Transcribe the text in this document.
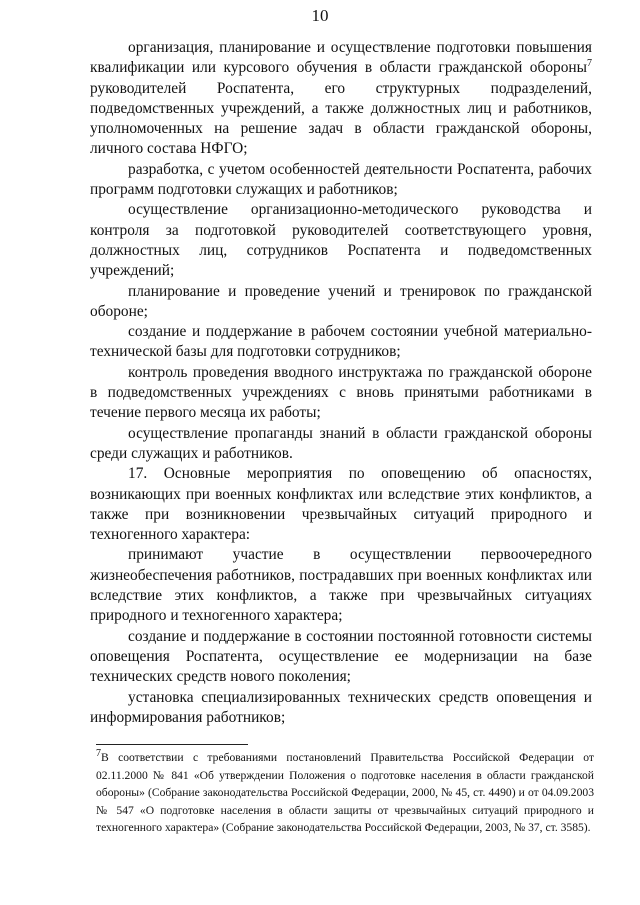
10

организация, планирование и осуществление подготовки повышения квалификации или курсового обучения в области гражданской обороны$^7$ руководителей Роспатента, его структурных подразделений, подведомственных учреждений, а также должностных лиц и работников, уполномоченных на решение задач в области гражданской обороны, личного состава НФГО;

разработка, с учетом особенностей деятельности Роспатента, рабочих программ подготовки служащих и работников;

осуществление организационно-методического руководства и контроля за подготовкой руководителей соответствующего уровня, должностных лиц, сотрудников Роспатента и подведомственных учреждений;

планирование и проведение учений и тренировок по гражданской обороне;

создание и поддержание в рабочем состоянии учебной материально-технической базы для подготовки сотрудников;

контроль проведения вводного инструктажа по гражданской обороне в подведомственных учреждениях с вновь принятыми работниками в течение первого месяца их работы;

осуществление пропаганды знаний в области гражданской обороны среди служащих и работников.

17. Основные мероприятия по оповещению об опасностях, возникающих при военных конфликтах или вследствие этих конфликтов, а также при возникновении чрезвычайных ситуаций природного и техногенного характера:

принимают участие в осуществлении первоочередного жизнеобеспечения работников, пострадавших при военных конфликтах или вследствие этих конфликтов, а также при чрезвычайных ситуациях природного и техногенного характера;

создание и поддержание в состоянии постоянной готовности системы оповещения Роспатента, осуществление ее модернизации на базе технических средств нового поколения;

установка специализированных технических средств оповещения и информирования работников;

$^7$В соответствии с требованиями постановлений Правительства Российской Федерации от 02.11.2000 № 841 «Об утверждении Положения о подготовке населения в области гражданской обороны» (Собрание законодательства Российской Федерации, 2000, № 45, ст. 4490) и от 04.09.2003 № 547 «О подготовке населения в области защиты от чрезвычайных ситуаций природного и техногенного характера» (Собрание законодательства Российской Федерации, 2003, № 37, ст. 3585).
